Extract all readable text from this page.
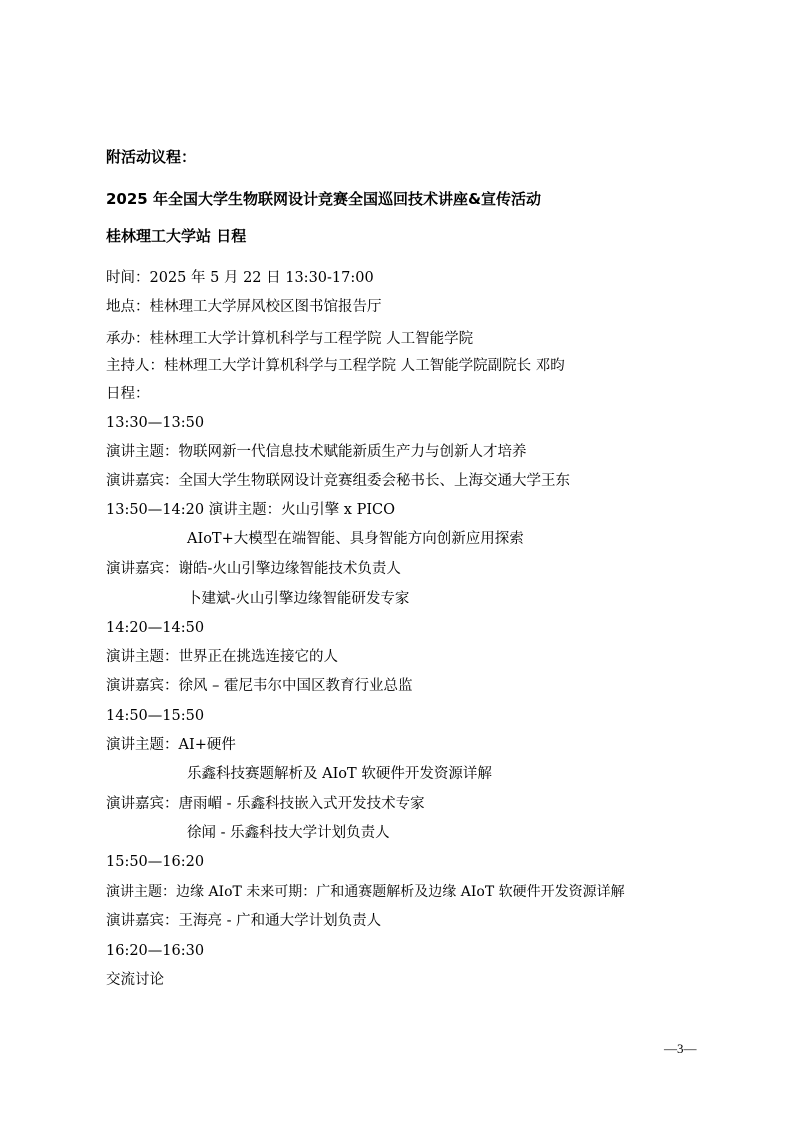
附活动议程：
2025 年全国大学生物联网设计竞赛全国巡回技术讲座&宣传活动
桂林理工大学站 日程
时间：2025 年 5 月 22 日 13:30-17:00
地点：桂林理工大学屏风校区图书馆报告厅
承办：桂林理工大学计算机科学与工程学院 人工智能学院
主持人：桂林理工大学计算机科学与工程学院 人工智能学院副院长 邓昀
日程：
13:30—13:50
演讲主题：物联网新一代信息技术赋能新质生产力与创新人才培养
演讲嘉宾：全国大学生物联网设计竞赛组委会秘书长、上海交通大学王东
13:50—14:20 演讲主题：火山引擎 x PICO
AIoT+大模型在端智能、具身智能方向创新应用探索
演讲嘉宾：谢皓-火山引擎边缘智能技术负责人
卜建斌-火山引擎边缘智能研发专家
14:20—14:50
演讲主题：世界正在挑选连接它的人
演讲嘉宾：徐风 – 霍尼韦尔中国区教育行业总监
14:50—15:50
演讲主题：AI+硬件
乐鑫科技赛题解析及 AIoT 软硬件开发资源详解
演讲嘉宾：唐雨嵋 - 乐鑫科技嵌入式开发技术专家
徐闻 - 乐鑫科技大学计划负责人
15:50—16:20
演讲主题：边缘 AIoT 未来可期：广和通赛题解析及边缘 AIoT 软硬件开发资源详解
演讲嘉宾：王海亮 - 广和通大学计划负责人
16:20—16:30
交流讨论
—3—
